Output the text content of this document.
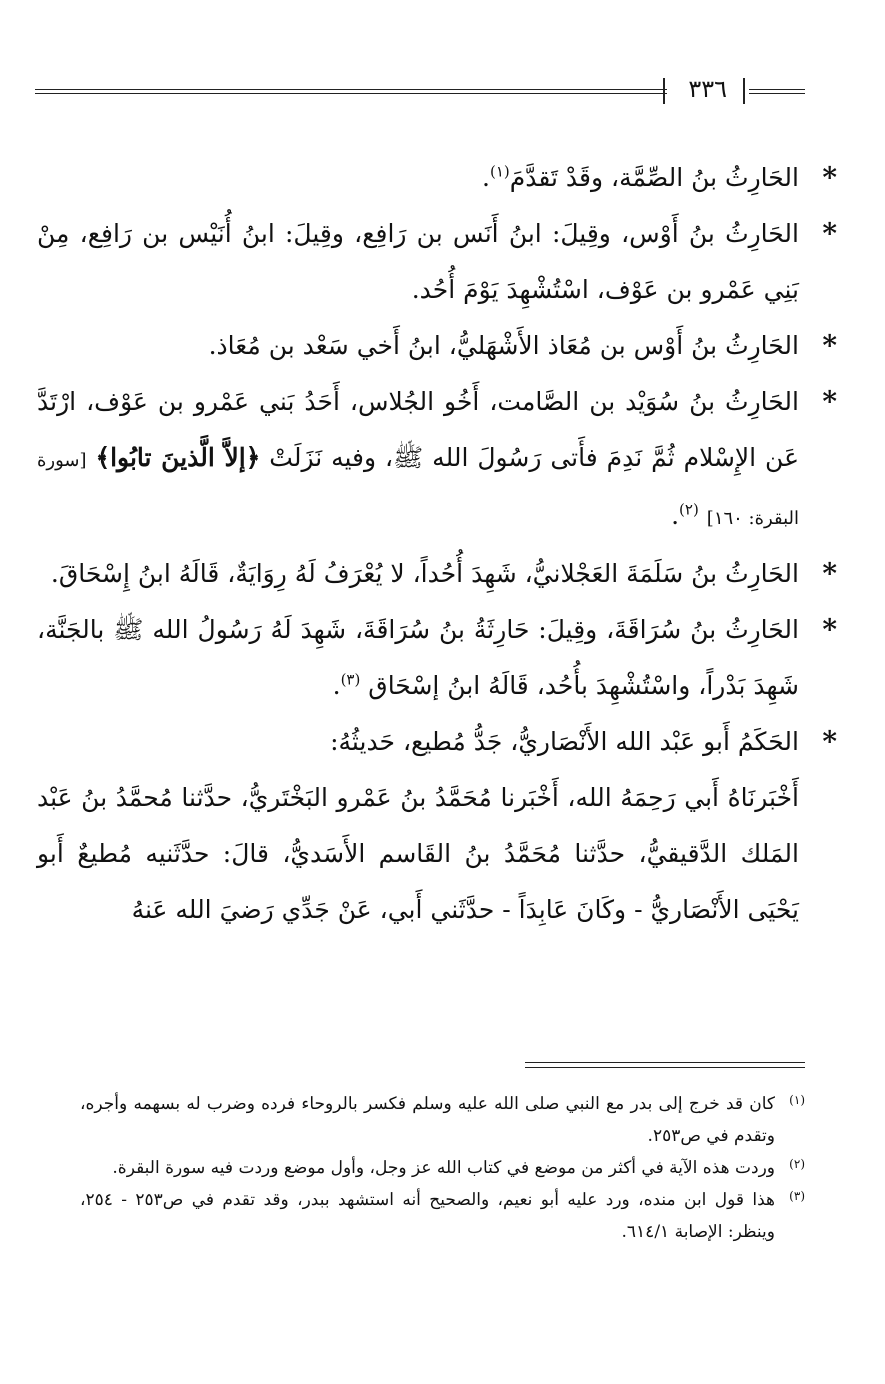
٣٣٦
*
الحَارِثُ بنُ الصِّمَّة، وقَدْ تَقدَّمَ$^{(١)}$.
*
الحَارِثُ بنُ أَوْس، وقِيلَ: ابنُ أَنَس بن رَافِع، وقِيلَ: ابنُ أُنَيْس بن رَافِع، مِنْ بَنِي عَمْرو بن عَوْف، اسْتُشْهِدَ يَوْمَ أُحُد.
*
الحَارِثُ بنُ أَوْس بن مُعَاذ الأَشْهَليُّ، ابنُ أَخي سَعْد بن مُعَاذ.
*
الحَارِثُ بنُ سُوَيْد بن الصَّامت، أَخُو الجُلاس، أَحَدُ بَني عَمْرو بن عَوْف، ارْتَدَّ عَن الإِسْلام ثُمَّ نَدِمَ فأَتى رَسُولَ الله ﷺ، وفيه نَزَلَتْ ﴿إلاَّ الَّذينَ تابُوا﴾ [سورة البقرة: ١٦٠] $^{(٢)}$.
*
الحَارِثُ بنُ سَلَمَةَ العَجْلانيُّ، شَهِدَ أُحُداً، لا يُعْرَفُ لَهُ رِوَايَةٌ، قَالَهُ ابنُ إِسْحَاقَ.
*
الحَارِثُ بنُ سُرَاقَةَ، وقِيلَ: حَارِثَةُ بنُ سُرَاقَةَ، شَهِدَ لَهُ رَسُولُ الله ﷺ بالجَنَّة، شَهِدَ بَدْراً، واسْتُشْهِدَ بأُحُد، قَالَهُ ابنُ إسْحَاق $^{(٣)}$.
*
الحَكَمُ أَبو عَبْد الله الأَنْصَاريُّ، جَدُّ مُطيع، حَديثُهُ:
أَخْبَرنَاهُ أَبي رَحِمَهُ الله، أَخْبَرنا مُحَمَّدُ بنُ عَمْرو البَخْتَريُّ، حدَّثنا مُحمَّدُ بنُ عَبْد المَلك الدَّقيقيُّ، حدَّثنا مُحَمَّدُ بنُ القَاسم الأَسَديُّ، قالَ: حدَّثَنيه مُطيعٌ أَبو يَحْيَى الأَنْصَاريُّ - وكَانَ عَابِدَاً - حدَّثَني أَبي، عَنْ جَدِّي رَضيَ الله عَنهُ
(١)
كان قد خرج إلى بدر مع النبي صلى الله عليه وسلم فكسر بالروحاء فرده وضرب له بسهمه وأجره، وتقدم في ص٢٥٣.
(٢)
وردت هذه الآية في أكثر من موضع في كتاب الله عز وجل، وأول موضع وردت فيه سورة البقرة.
(٣)
هذا قول ابن منده، ورد عليه أبو نعيم، والصحيح أنه استشهد ببدر، وقد تقدم في ص٢٥٣ - ٢٥٤، وينظر: الإصابة ٦١٤/١.
